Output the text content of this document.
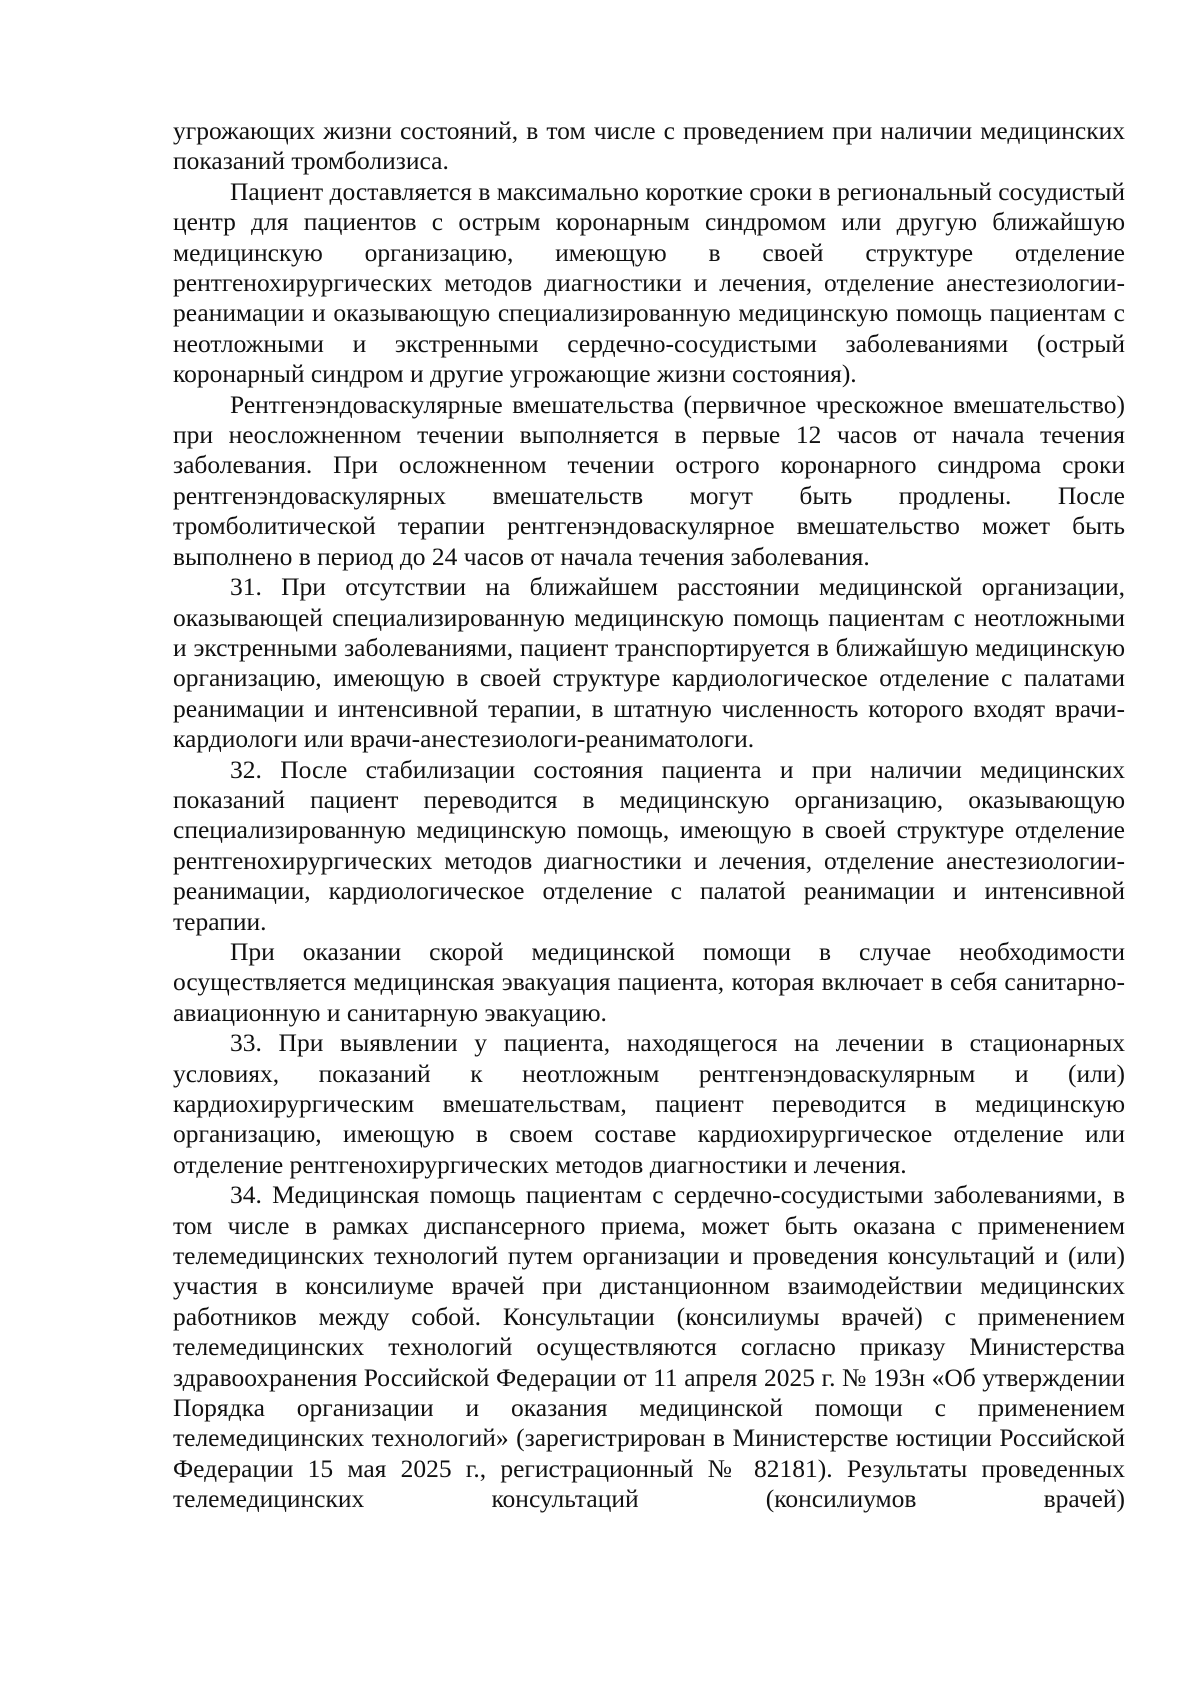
угрожающих жизни состояний, в том числе с проведением при наличии медицинских показаний тромболизиса.

Пациент доставляется в максимально короткие сроки в региональный сосудистый центр для пациентов с острым коронарным синдромом или другую ближайшую медицинскую организацию, имеющую в своей структуре отделение рентгенохирургических методов диагностики и лечения, отделение анестезиологии-реанимации и оказывающую специализированную медицинскую помощь пациентам с неотложными и экстренными сердечно-сосудистыми заболеваниями (острый коронарный синдром и другие угрожающие жизни состояния).

Рентгенэндоваскулярные вмешательства (первичное чрескожное вмешательство) при неосложненном течении выполняется в первые 12 часов от начала течения заболевания. При осложненном течении острого коронарного синдрома сроки рентгенэндоваскулярных вмешательств могут быть продлены. После тромболитической терапии рентгенэндоваскулярное вмешательство может быть выполнено в период до 24 часов от начала течения заболевания.

31. При отсутствии на ближайшем расстоянии медицинской организации, оказывающей специализированную медицинскую помощь пациентам с неотложными и экстренными заболеваниями, пациент транспортируется в ближайшую медицинскую организацию, имеющую в своей структуре кардиологическое отделение с палатами реанимации и интенсивной терапии, в штатную численность которого входят врачи-кардиологи или врачи-анестезиологи-реаниматологи.

32. После стабилизации состояния пациента и при наличии медицинских показаний пациент переводится в медицинскую организацию, оказывающую специализированную медицинскую помощь, имеющую в своей структуре отделение рентгенохирургических методов диагностики и лечения, отделение анестезиологии-реанимации, кардиологическое отделение с палатой реанимации и интенсивной терапии.

При оказании скорой медицинской помощи в случае необходимости осуществляется медицинская эвакуация пациента, которая включает в себя санитарно-авиационную и санитарную эвакуацию.

33. При выявлении у пациента, находящегося на лечении в стационарных условиях, показаний к неотложным рентгенэндоваскулярным и (или) кардиохирургическим вмешательствам, пациент переводится в медицинскую организацию, имеющую в своем составе кардиохирургическое отделение или отделение рентгенохирургических методов диагностики и лечения.

34. Медицинская помощь пациентам с сердечно-сосудистыми заболеваниями, в том числе в рамках диспансерного приема, может быть оказана с применением телемедицинских технологий путем организации и проведения консультаций и (или) участия в консилиуме врачей при дистанционном взаимодействии медицинских работников между собой. Консультации (консилиумы врачей) с применением телемедицинских технологий осуществляются согласно приказу Министерства здравоохранения Российской Федерации от 11 апреля 2025 г. № 193н «Об утверждении Порядка организации и оказания медицинской помощи с применением телемедицинских технологий» (зарегистрирован в Министерстве юстиции Российской Федерации 15 мая 2025 г., регистрационный № 82181). Результаты проведенных телемедицинских консультаций (консилиумов врачей)
